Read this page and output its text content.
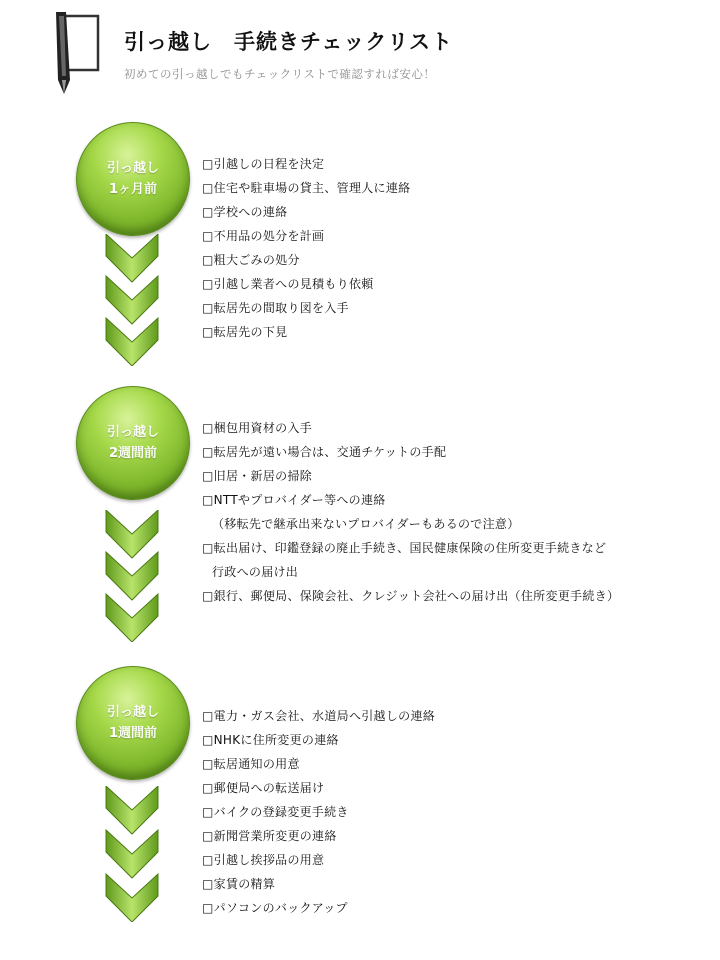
引っ越し　手続きチェックリスト
初めての引っ越しでもチェックリストで確認すれば安心！
引っ越し
1ヶ月前
□引越しの日程を決定
□住宅や駐車場の貸主、管理人に連絡
□学校への連絡
□不用品の処分を計画
□粗大ごみの処分
□引越し業者への見積もり依頼
□転居先の間取り図を入手
□転居先の下見
引っ越し
2週間前
□梱包用資材の入手
□転居先が遠い場合は、交通チケットの手配
□旧居・新居の掃除
□NTTやプロバイダー等への連絡
（移転先で継承出来ないプロバイダーもあるので注意）
□転出届け、印鑑登録の廃止手続き、国民健康保険の住所変更手続きなど
行政への届け出
□銀行、郵便局、保険会社、クレジット会社への届け出（住所変更手続き）
引っ越し
1週間前
□電力・ガス会社、水道局へ引越しの連絡
□NHKに住所変更の連絡
□転居通知の用意
□郵便局への転送届け
□バイクの登録変更手続き
□新聞営業所変更の連絡
□引越し挨拶品の用意
□家賃の精算
□パソコンのバックアップ
